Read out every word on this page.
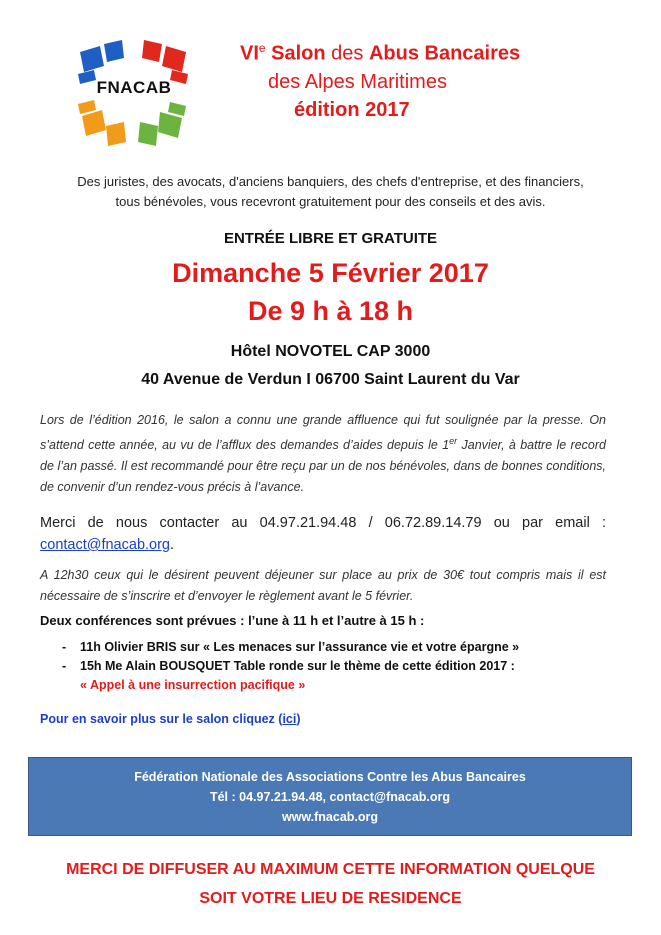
FNACAB
VIe Salon des Abus Bancaires
des Alpes Maritimes
édition 2017
Des juristes, des avocats, d'anciens banquiers, des chefs d'entreprise, et des financiers,
tous bénévoles, vous recevront gratuitement pour des conseils et des avis.
ENTRÉE LIBRE ET GRATUITE
Dimanche 5 Février 2017
De 9 h à 18 h
Hôtel NOVOTEL CAP 3000
40 Avenue de Verdun I 06700 Saint Laurent du Var
Lors de l’édition 2016, le salon a connu une grande affluence qui fut soulignée par la presse. On s’attend cette année, au vu de l’afflux des demandes d’aides depuis le 1er Janvier, à battre le record de l’an passé. Il est recommandé pour être reçu par un de nos bénévoles, dans de bonnes conditions, de convenir d’un rendez-vous précis à l’avance.
Merci de nous contacter au 04.97.21.94.48 / 06.72.89.14.79 ou par email : contact@fnacab.org.
A 12h30 ceux qui le désirent peuvent déjeuner sur place au prix de 30€ tout compris mais il est nécessaire de s’inscrire et d’envoyer le règlement avant le 5 février.
Deux conférences sont prévues : l’une à 11 h et l’autre à 15 h :
-	11h Olivier BRIS sur « Les menaces sur l’assurance vie et votre épargne »
-	15h Me Alain BOUSQUET Table ronde sur le thème de cette édition 2017 :
« Appel à une insurrection pacifique »
Pour en savoir plus sur le salon cliquez (ici)
Fédération Nationale des Associations Contre les Abus Bancaires
Tél : 04.97.21.94.48, contact@fnacab.org
www.fnacab.org
MERCI DE DIFFUSER AU MAXIMUM CETTE INFORMATION QUELQUE
SOIT VOTRE LIEU DE RESIDENCE
